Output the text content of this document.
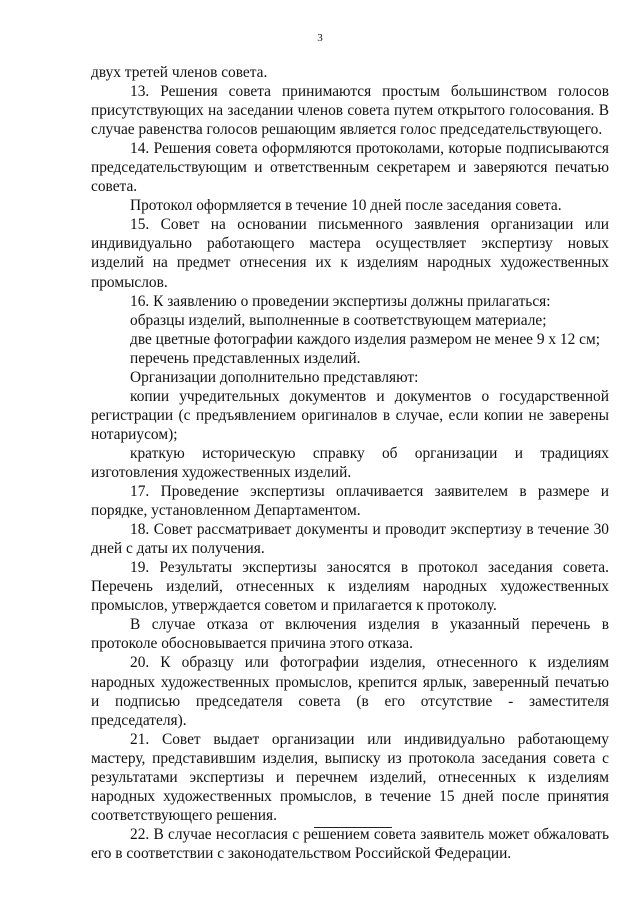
3

двух третей членов совета.

13. Решения совета принимаются простым большинством голосов присутствующих на заседании членов совета путем открытого голосования. В случае равенства голосов решающим является голос председательствующего.

14. Решения совета оформляются протоколами, которые подписываются председательствующим и ответственным секретарем и заверяются печатью совета.

Протокол оформляется в течение 10 дней после заседания совета.

15. Совет на основании письменного заявления организации или индивидуально работающего мастера осуществляет экспертизу новых изделий на предмет отнесения их к изделиям народных художественных промыслов.

16. К заявлению о проведении экспертизы должны прилагаться:

образцы изделий, выполненные в соответствующем материале;

две цветные фотографии каждого изделия размером не менее 9 х 12 см;

перечень представленных изделий.

Организации дополнительно представляют:

копии учредительных документов и документов о государственной регистрации (с предъявлением оригиналов в случае, если копии не заверены нотариусом);

краткую историческую справку об организации и традициях изготовления художественных изделий.

17. Проведение экспертизы оплачивается заявителем в размере и порядке, установленном Департаментом.

18. Совет рассматривает документы и проводит экспертизу в течение 30 дней с даты их получения.

19. Результаты экспертизы заносятся в протокол заседания совета. Перечень изделий, отнесенных к изделиям народных художественных промыслов, утверждается советом и прилагается к протоколу.

В случае отказа от включения изделия в указанный перечень в протоколе обосновывается причина этого отказа.

20. К образцу или фотографии изделия, отнесенного к изделиям народных художественных промыслов, крепится ярлык, заверенный печатью и подписью председателя совета (в его отсутствие - заместителя председателя).

21. Совет выдает организации или индивидуально работающему мастеру, представившим изделия, выписку из протокола заседания совета с результатами экспертизы и перечнем изделий, отнесенных к изделиям народных художественных промыслов, в течение 15 дней после принятия соответствующего решения.

22. В случае несогласия с решением совета заявитель может обжаловать его в соответствии с законодательством Российской Федерации.
